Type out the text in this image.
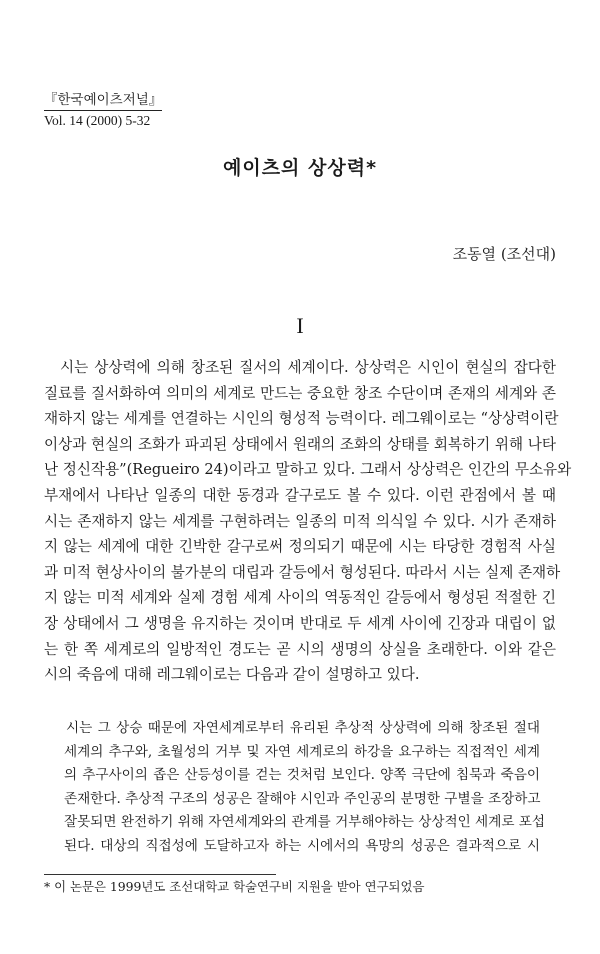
『한국예이츠저널』
Vol. 14 (2000) 5-32
예이츠의 상상력*
조동열 (조선대)
I
시는 상상력에 의해 창조된 질서의 세계이다. 상상력은 시인이 현실의 잡다한
질료를 질서화하여 의미의 세계로 만드는 중요한 창조 수단이며 존재의 세계와 존
재하지 않는 세계를 연결하는 시인의 형성적 능력이다. 레그웨이로는 “상상력이란
이상과 현실의 조화가 파괴된 상태에서 원래의 조화의 상태를 회복하기 위해 나타
난 정신작용”(Regueiro 24)이라고 말하고 있다. 그래서 상상력은 인간의 무소유와
부재에서 나타난 일종의 대한 동경과 갈구로도 볼 수 있다. 이런 관점에서 볼 때
시는 존재하지 않는 세계를 구현하려는 일종의 미적 의식일 수 있다. 시가 존재하
지 않는 세계에 대한 긴박한 갈구로써 정의되기 때문에 시는 타당한 경험적 사실
과 미적 현상사이의 불가분의 대립과 갈등에서 형성된다. 따라서 시는 실제 존재하
지 않는 미적 세계와 실제 경험 세계 사이의 역동적인 갈등에서 형성된 적절한 긴
장 상태에서 그 생명을 유지하는 것이며 반대로 두 세계 사이에 긴장과 대립이 없
는 한 쪽 세계로의 일방적인 경도는 곧 시의 생명의 상실을 초래한다. 이와 같은
시의 죽음에 대해 레그웨이로는 다음과 같이 설명하고 있다.
시는 그 상승 때문에 자연세계로부터 유리된 추상적 상상력에 의해 창조된 절대
세계의 추구와, 초월성의 거부 및 자연 세계로의 하강을 요구하는 직접적인 세계
의 추구사이의 좁은 산등성이를 걷는 것처럼 보인다. 양쪽 극단에 침묵과 죽음이
존재한다. 추상적 구조의 성공은 잘해야 시인과 주인공의 분명한 구별을 조장하고
잘못되면 완전하기 위해 자연세계와의 관계를 거부해야하는 상상적인 세계로 포섭
된다. 대상의 직접성에 도달하고자 하는 시에서의 욕망의 성공은 결과적으로 시
* 이 논문은 1999년도 조선대학교 학술연구비 지원을 받아 연구되었음
